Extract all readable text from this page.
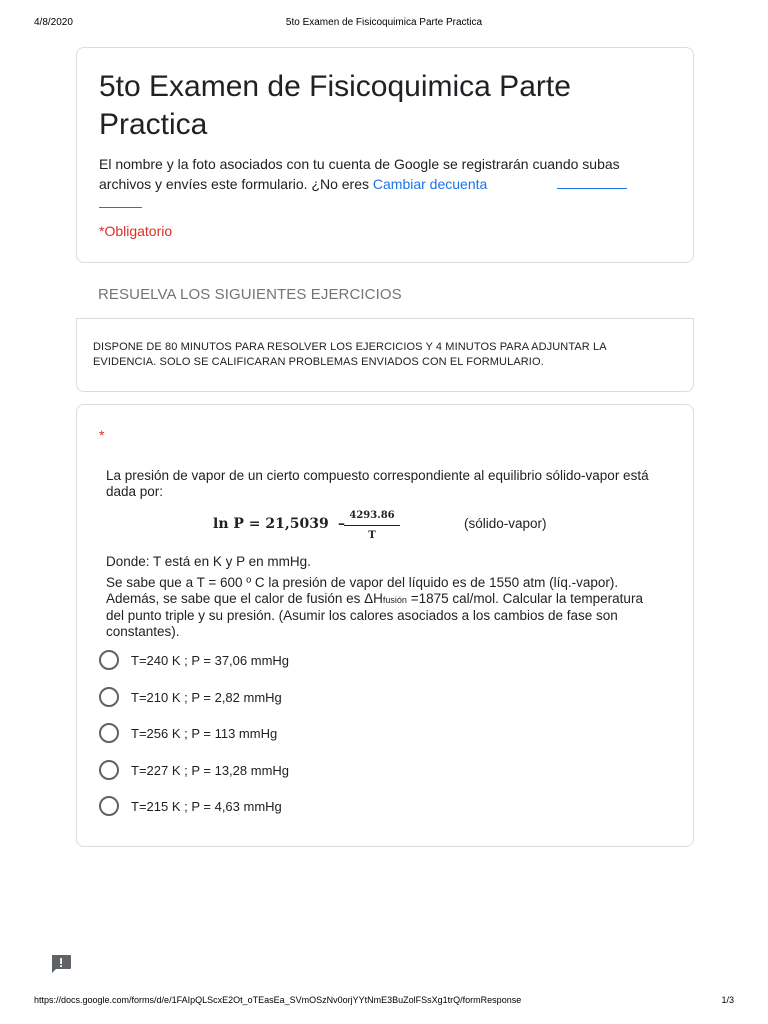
4/8/2020	5to Examen de Fisicoquimica Parte Practica
5to Examen de Fisicoquimica Parte Practica
El nombre y la foto asociados con tu cuenta de Google se registrarán cuando subas archivos y envíes este formulario. ¿No eres Cambiar decuenta
*Obligatorio
RESUELVA LOS SIGUIENTES EJERCICIOS
DISPONE DE 80 MINUTOS PARA RESOLVER LOS EJERCICIOS Y 4 MINUTOS PARA ADJUNTAR LA EVIDENCIA. SOLO SE CALIFICARAN PROBLEMAS ENVIADOS CON EL FORMULARIO.
*

La presión de vapor de un cierto compuesto correspondiente al equilibrio sólido-vapor está dada por:

$\ln P = 21,5039 - \frac{4293.86}{T}$	(sólido-vapor)

Donde: T está en K y P en mmHg.

Se sabe que a T = 600 º C la presión de vapor del líquido es de 1550 atm (líq.-vapor). Además, se sabe que el calor de fusión es ΔHfusión =1875 cal/mol. Calcular la temperatura del punto triple y su presión. (Asumir los calores asociados a los cambios de fase son constantes).

T=240 K ; P = 37,06 mmHg
T=210 K ; P = 2,82 mmHg
T=256 K ; P = 113 mmHg
T=227 K ; P = 13,28 mmHg
T=215 K ; P = 4,63 mmHg
https://docs.google.com/forms/d/e/1FAIpQLScxE2Ot_oTEasEa_SVmOSzNv0orjYYtNmE3BuZolFSsXg1trQ/formResponse	1/3
